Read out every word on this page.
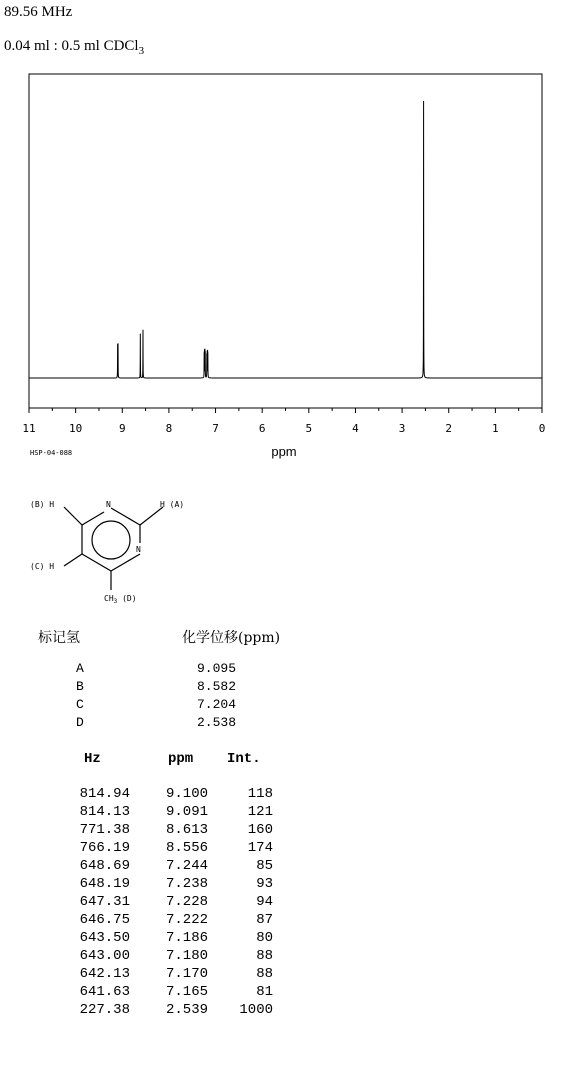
89.56 MHz
0.04 ml : 0.5 ml CDCl$_3$
11	10	9	8	7	6	5	4	3	2	1	0
ppm
HSP-04-088
N
N
(B) H	H (A)
(C) H
$CH_3$ (D)
标记氢	化学位移(ppm)
A	9.095
B	8.582
C	7.204
D	2.538
Hz	ppm Int.
814.94	9.100	118
814.13	9.091	121
771.38	8.613	160
766.19	8.556	174
648.69	7.244	85
648.19	7.238	93
647.31	7.228	94
646.75	7.222	87
643.50	7.186	80
643.00	7.180	88
642.13	7.170	88
641.63	7.165	81
227.38	2.539	1000
